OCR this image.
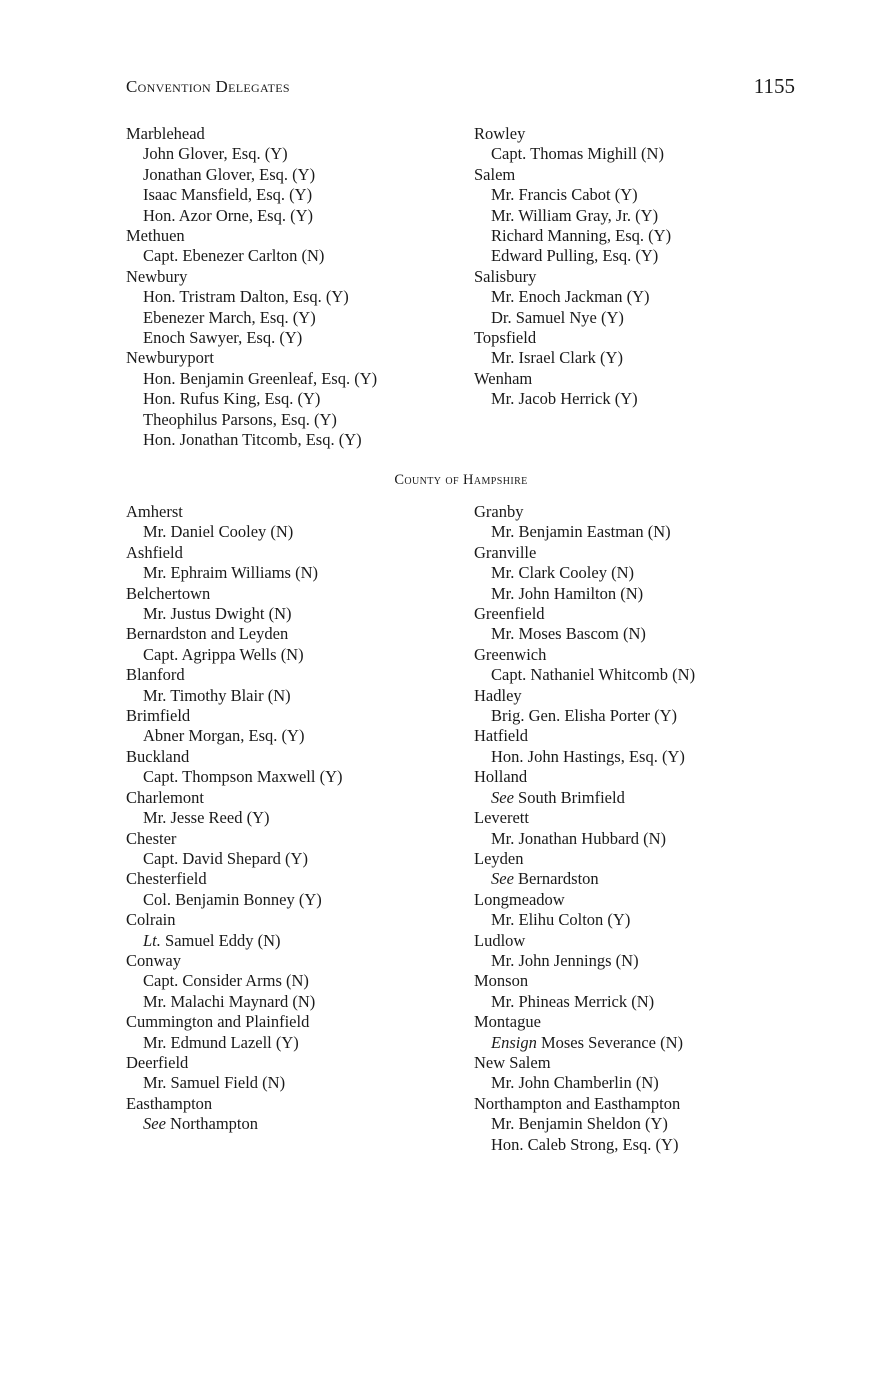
Convention Delegates	1155
Marblehead
John Glover, Esq. (Y)
Jonathan Glover, Esq. (Y)
Isaac Mansfield, Esq. (Y)
Hon. Azor Orne, Esq. (Y)
Methuen
Capt. Ebenezer Carlton (N)
Newbury
Hon. Tristram Dalton, Esq. (Y)
Ebenezer March, Esq. (Y)
Enoch Sawyer, Esq. (Y)
Newburyport
Hon. Benjamin Greenleaf, Esq. (Y)
Hon. Rufus King, Esq. (Y)
Theophilus Parsons, Esq. (Y)
Hon. Jonathan Titcomb, Esq. (Y)
Rowley
Capt. Thomas Mighill (N)
Salem
Mr. Francis Cabot (Y)
Mr. William Gray, Jr. (Y)
Richard Manning, Esq. (Y)
Edward Pulling, Esq. (Y)
Salisbury
Mr. Enoch Jackman (Y)
Dr. Samuel Nye (Y)
Topsfield
Mr. Israel Clark (Y)
Wenham
Mr. Jacob Herrick (Y)
County of Hampshire
Amherst
Mr. Daniel Cooley (N)
Ashfield
Mr. Ephraim Williams (N)
Belchertown
Mr. Justus Dwight (N)
Bernardston and Leyden
Capt. Agrippa Wells (N)
Blanford
Mr. Timothy Blair (N)
Brimfield
Abner Morgan, Esq. (Y)
Buckland
Capt. Thompson Maxwell (Y)
Charlemont
Mr. Jesse Reed (Y)
Chester
Capt. David Shepard (Y)
Chesterfield
Col. Benjamin Bonney (Y)
Colrain
Lt. Samuel Eddy (N)
Conway
Capt. Consider Arms (N)
Mr. Malachi Maynard (N)
Cummington and Plainfield
Mr. Edmund Lazell (Y)
Deerfield
Mr. Samuel Field (N)
Easthampton
See Northampton
Granby
Mr. Benjamin Eastman (N)
Granville
Mr. Clark Cooley (N)
Mr. John Hamilton (N)
Greenfield
Mr. Moses Bascom (N)
Greenwich
Capt. Nathaniel Whitcomb (N)
Hadley
Brig. Gen. Elisha Porter (Y)
Hatfield
Hon. John Hastings, Esq. (Y)
Holland
See South Brimfield
Leverett
Mr. Jonathan Hubbard (N)
Leyden
See Bernardston
Longmeadow
Mr. Elihu Colton (Y)
Ludlow
Mr. John Jennings (N)
Monson
Mr. Phineas Merrick (N)
Montague
Ensign Moses Severance (N)
New Salem
Mr. John Chamberlin (N)
Northampton and Easthampton
Mr. Benjamin Sheldon (Y)
Hon. Caleb Strong, Esq. (Y)
